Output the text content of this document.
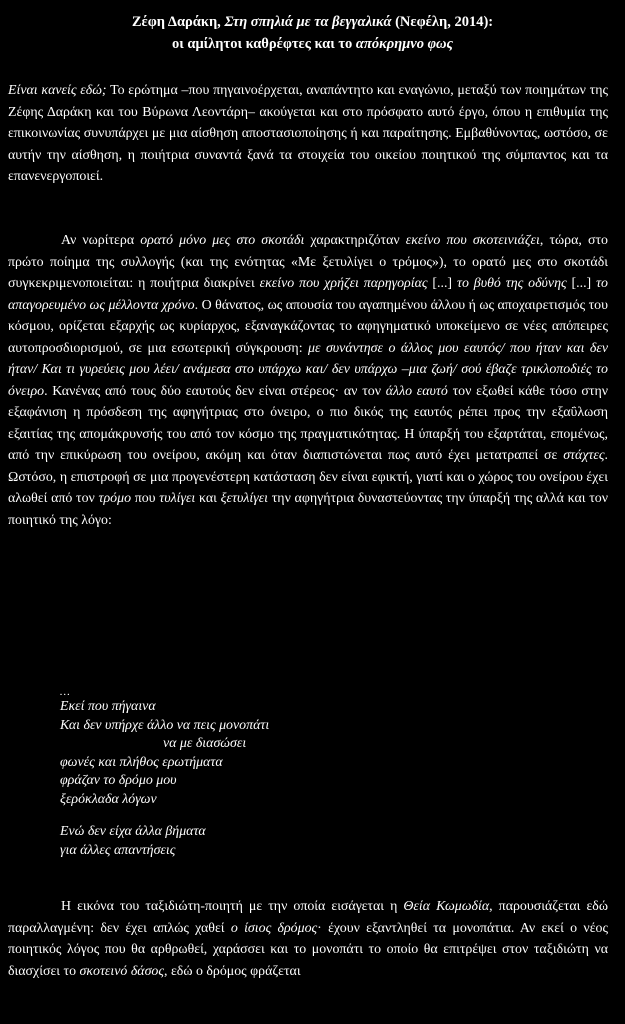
Ζέφη Δαράκη, Στη σπηλιά με τα βεγγαλικά (Νεφέλη, 2014):
οι αμίλητοι καθρέφτες και το απόκρημνο φως
Είναι κανείς εδώ; Το ερώτημα –που πηγαινοέρχεται, αναπάντητο και εναγώνιο, μεταξύ των ποιημάτων της Ζέφης Δαράκη και του Βύρωνα Λεοντάρη– ακούγεται και στο πρόσφατο αυτό έργο, όπου η επιθυμία της επικοινωνίας συνυπάρχει με μια αίσθηση αποστασιοποίησης ή και παραίτησης. Εμβαθύνοντας, ωστόσο, σε αυτήν την αίσθηση, η ποιήτρια συναντά ξανά τα στοιχεία του οικείου ποιητικού της σύμπαντος και τα επανενεργοποιεί.
Αν νωρίτερα ορατό μόνο μες στο σκοτάδι χαρακτηριζόταν εκείνο που σκοτεινιάζει, τώρα, στο πρώτο ποίημα της συλλογής (και της ενότητας «Με ξετυλίγει ο τρόμος»), το ορατό μες στο σκοτάδι συγκεκριμενοποιείται: η ποιήτρια διακρίνει εκείνο που χρήζει παρηγορίας [...] το βυθό της οδύνης [...] το απαγορευμένο ως μέλλοντα χρόνο. Ο θάνατος, ως απουσία του αγαπημένου άλλου ή ως αποχαιρετισμός του κόσμου, ορίζεται εξαρχής ως κυρίαρχος, εξαναγκάζοντας το αφηγηματικό υποκείμενο σε νέες απόπειρες αυτοπροσδιορισμού, σε μια εσωτερική σύγκρουση: με συνάντησε ο άλλος μου εαυτός/ που ήταν και δεν ήταν/ Και τι γυρεύεις μου λέει/ ανάμεσα στο υπάρχω και/ δεν υπάρχω –μια ζωή/ σού έβαζε τρικλοποδιές το όνειρο. Κανένας από τους δύο εαυτούς δεν είναι στέρεος· αν τον άλλο εαυτό τον εξωθεί κάθε τόσο στην εξαφάνιση η πρόσδεση της αφηγήτριας στο όνειρο, ο πιο δικός της εαυτός ρέπει προς την εξαΰλωση εξαιτίας της απομάκρυνσής του από τον κόσμο της πραγματικότητας. Η ύπαρξή του εξαρτάται, επομένως, από την επικύρωση του ονείρου, ακόμη και όταν διαπιστώνεται πως αυτό έχει μετατραπεί σε στάχτες. Ωστόσο, η επιστροφή σε μια προγενέστερη κατάσταση δεν είναι εφικτή, γιατί και ο χώρος του ονείρου έχει αλωθεί από τον τρόμο που τυλίγει και ξετυλίγει την αφηγήτρια δυναστεύοντας την ύπαρξή της αλλά και τον ποιητικό της λόγο:
…
Εκεί που πήγαινα
Και δεν υπήρχε άλλο να πεις μονοπάτι
να με διασώσει
φωνές και πλήθος ερωτήματα
φράζαν το δρόμο μου
ξερόκλαδα λόγων
Ενώ δεν είχα άλλα βήματα
για άλλες απαντήσεις
Η εικόνα του ταξιδιώτη-ποιητή με την οποία εισάγεται η Θεία Κωμωδία, παρουσιάζεται εδώ παραλλαγμένη: δεν έχει απλώς χαθεί ο ίσιος δρόμος· έχουν εξαντληθεί τα μονοπάτια. Αν εκεί ο νέος ποιητικός λόγος που θα αρθρωθεί, χαράσσει και το μονοπάτι το οποίο θα επιτρέψει στον ταξιδιώτη να διασχίσει το σκοτεινό δάσος, εδώ ο δρόμος φράζεται
